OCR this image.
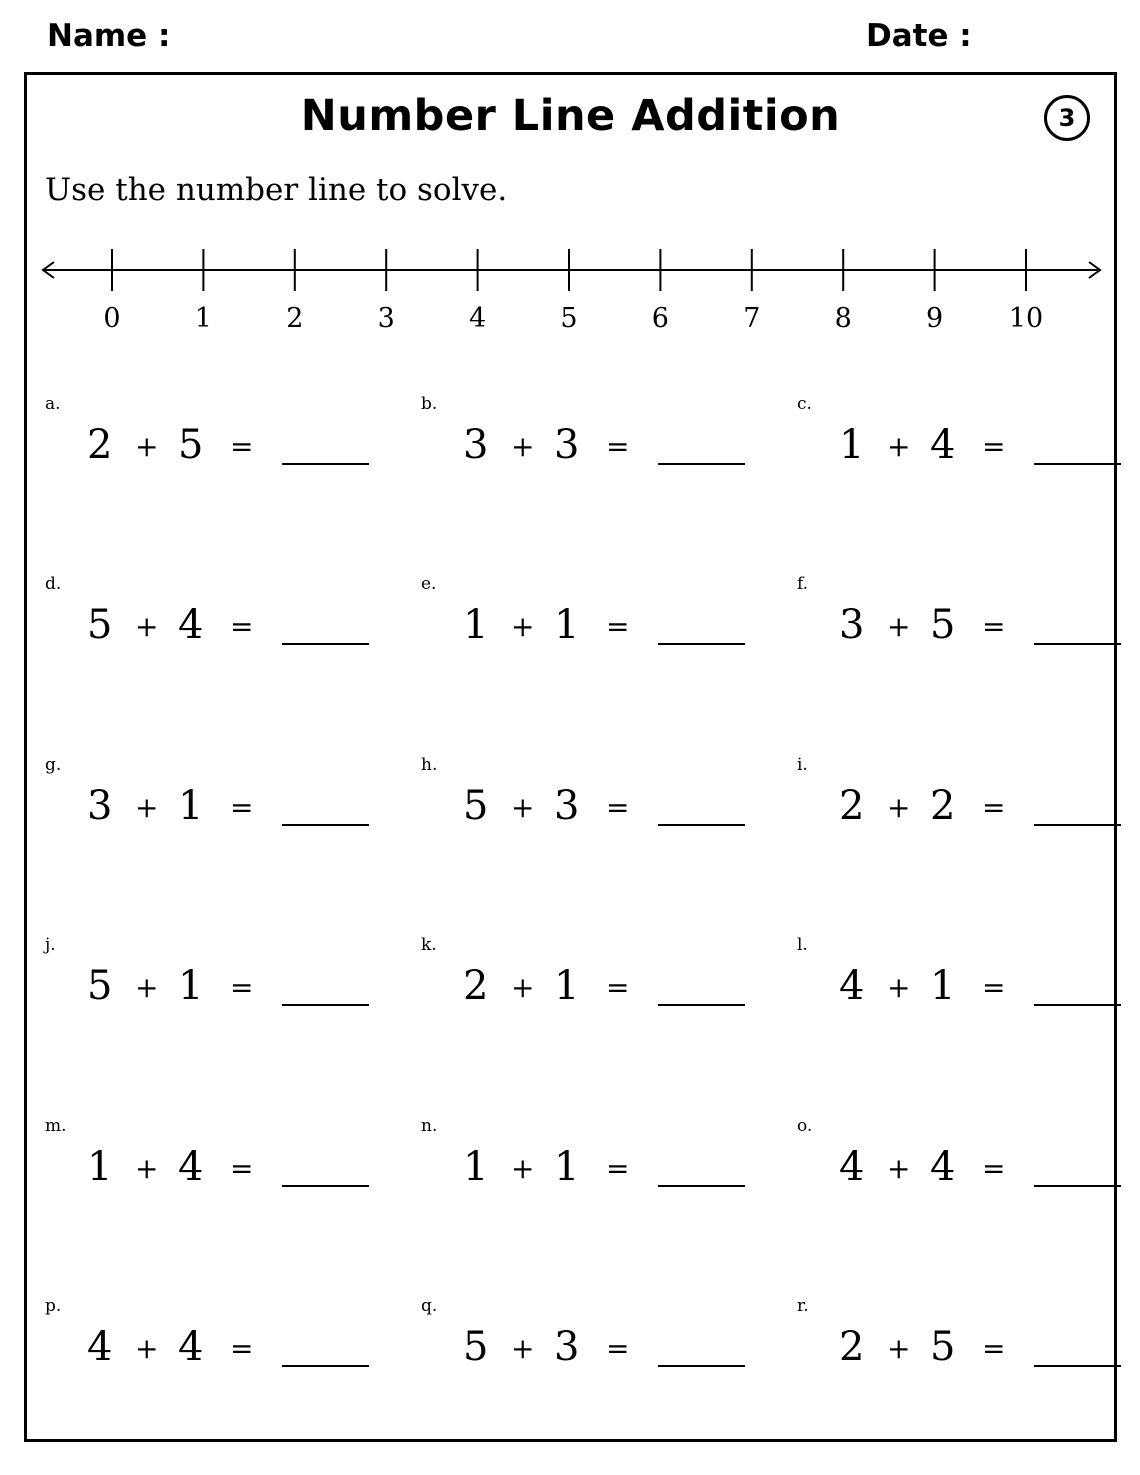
Name :	Date :
Number Line Addition	3
Use the number line to solve.
0	1	2	3	4	5	6	7	8	9 10
a.
2 + 5 =
b.
3 + 3 =
c.
1 + 4 =
d.
5 + 4 =
e.
1 + 1 =
f.
3 + 5 =
g.
3 + 1 =
h.
5 + 3 =
i.
2 + 2 =
j.
5 + 1 =
k.
2 + 1 =
l.
4 + 1 =
m.
1 + 4 =
n.
1 + 1 =
o.
4 + 4 =
p.
4 + 4 =
q.
5 + 3 =
r.
2 + 5 =
